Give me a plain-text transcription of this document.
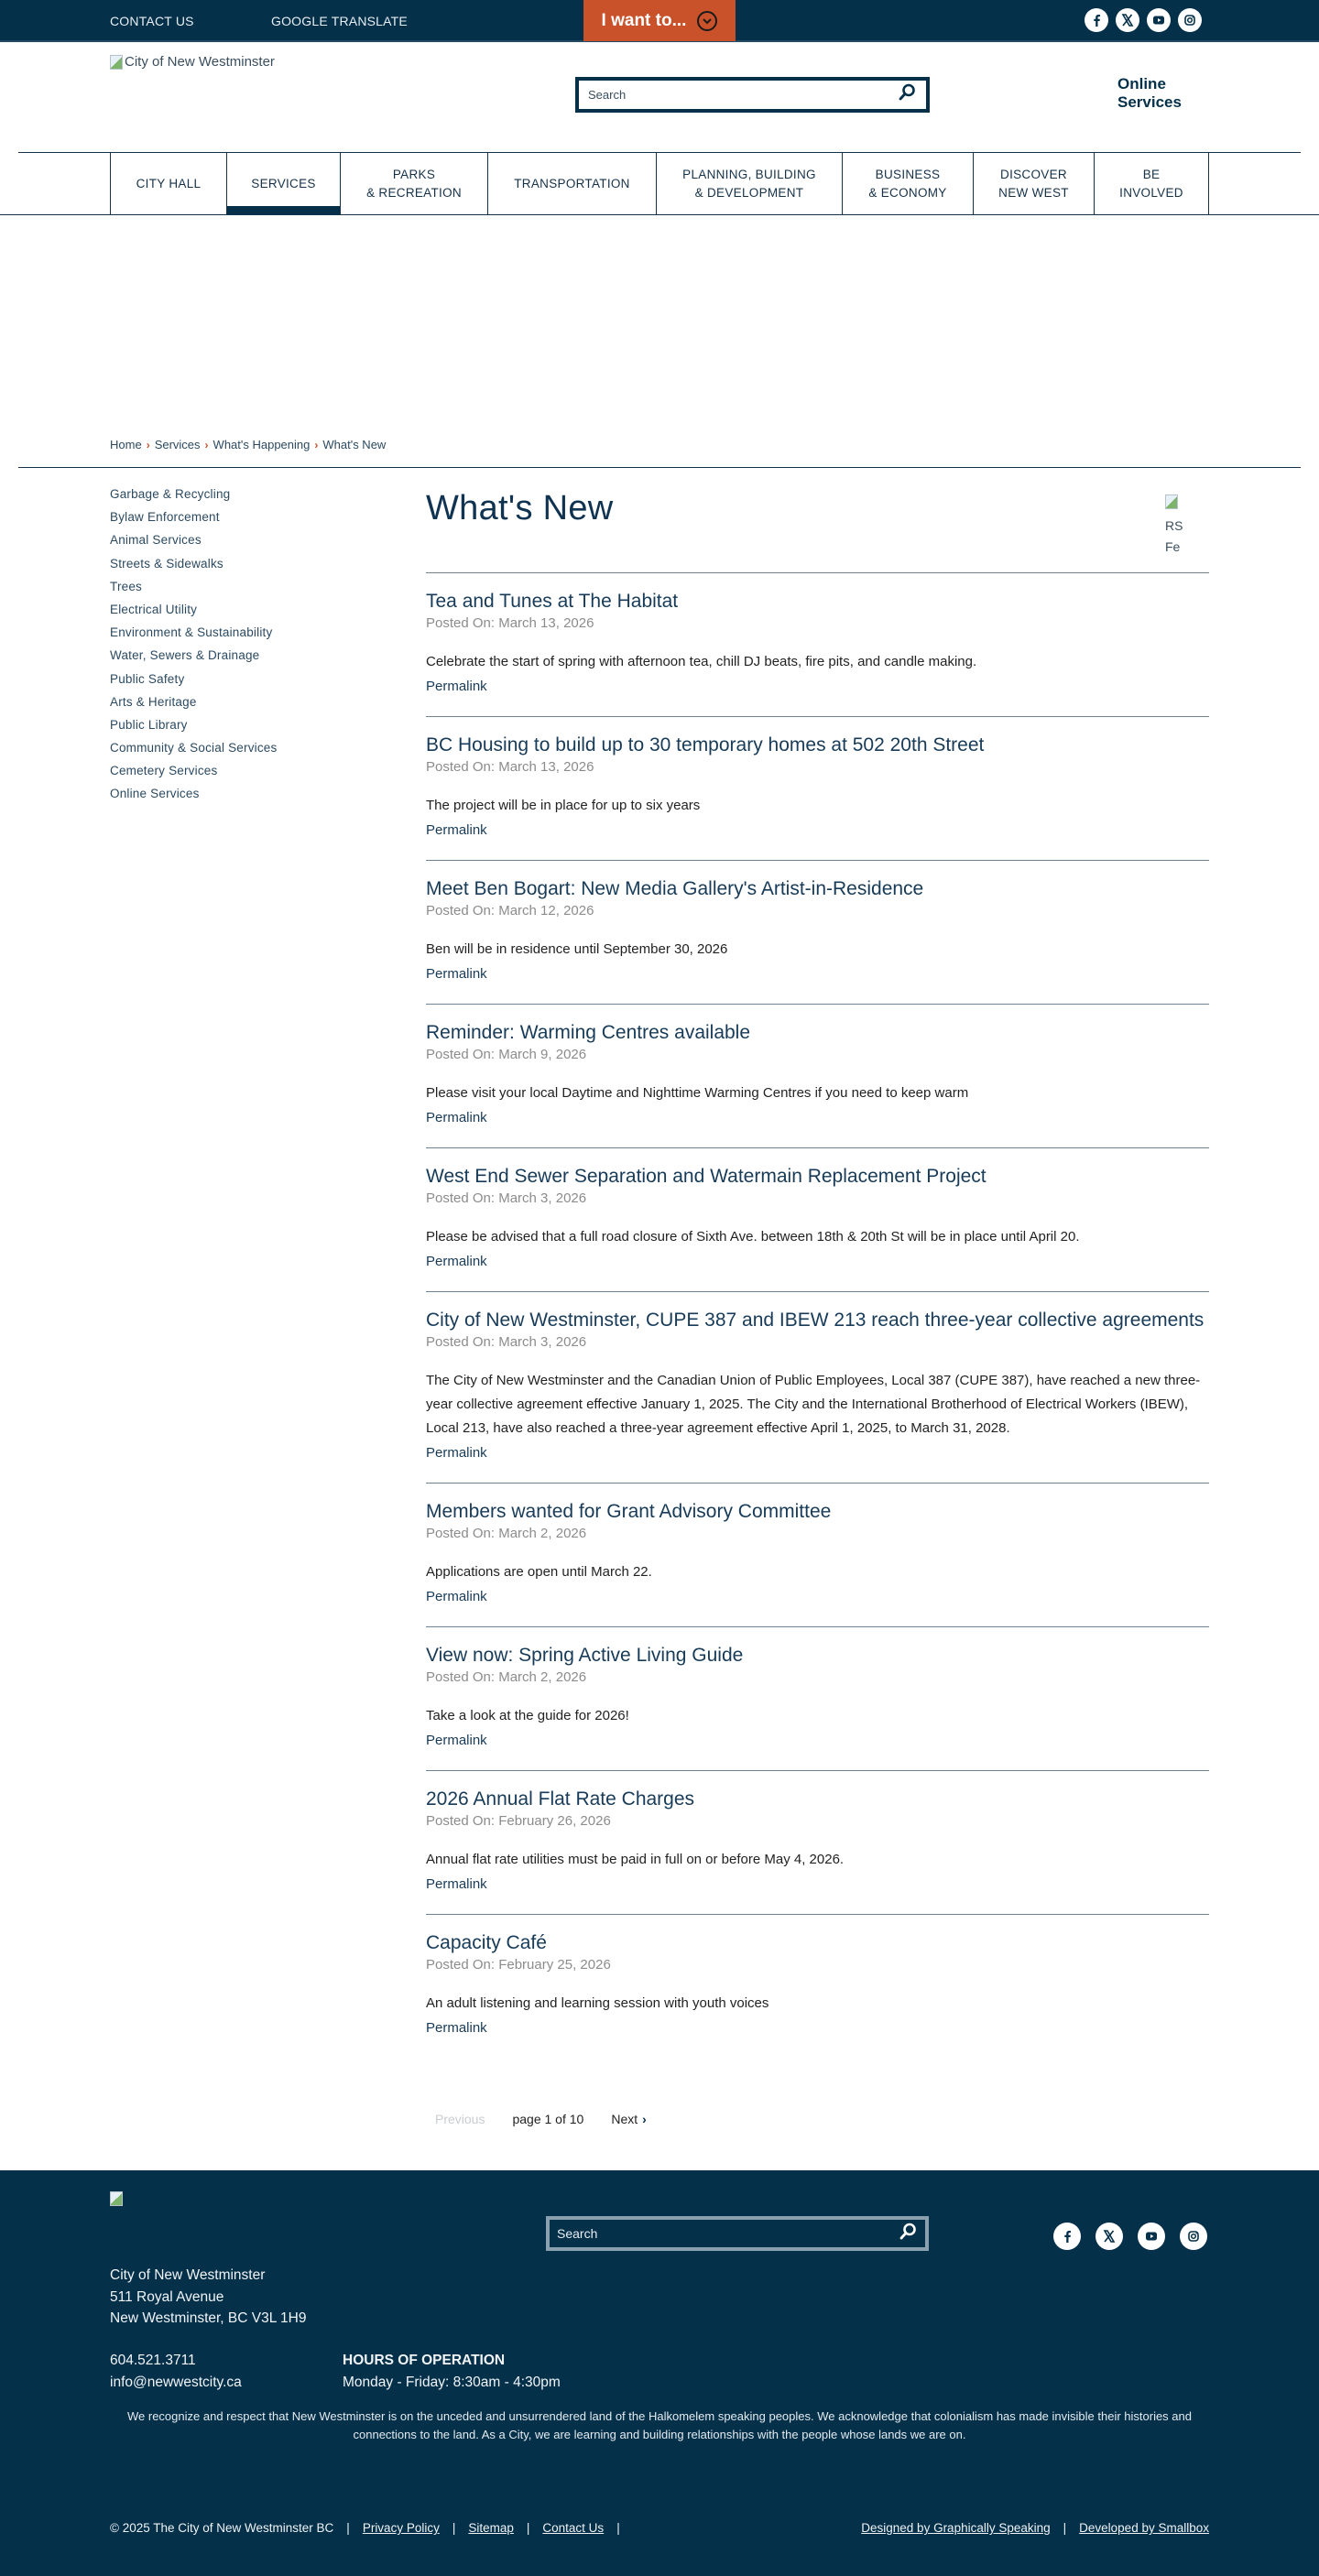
CONTACT US	GOOGLE TRANSLATE	I want to...
City of New Westminster
Search
Online
Services
CITY HALL	SERVICES
PARKS
& RECREATION
TRANSPORTATION
PLANNING, BUILDING
& DEVELOPMENT
BUSINESS
& ECONOMY
DISCOVER
NEW WEST
BE
INVOLVED
Home › Services › What's Happening › What's New
Garbage & Recycling
Bylaw Enforcement
Animal Services
Streets & Sidewalks
Trees
Electrical Utility
Environment & Sustainability
Water, Sewers & Drainage
Public Safety
Arts & Heritage
Public Library
Community & Social Services
Cemetery Services
Online Services
What's New	RS
Fe
Tea and Tunes at The Habitat
Posted On: March 13, 2026
Celebrate the start of spring with afternoon tea, chill DJ beats, fire pits, and candle making.
Permalink
BC Housing to build up to 30 temporary homes at 502 20th Street
Posted On: March 13, 2026
The project will be in place for up to six years
Permalink
Meet Ben Bogart: New Media Gallery's Artist-in-Residence
Posted On: March 12, 2026
Ben will be in residence until September 30, 2026
Permalink
Reminder: Warming Centres available
Posted On: March 9, 2026
Please visit your local Daytime and Nighttime Warming Centres if you need to keep warm
Permalink
West End Sewer Separation and Watermain Replacement Project
Posted On: March 3, 2026
Please be advised that a full road closure of Sixth Ave. between 18th & 20th St will be in place until April 20.
Permalink
City of New Westminster, CUPE 387 and IBEW 213 reach three-year collective agreements
Posted On: March 3, 2026
The City of New Westminster and the Canadian Union of Public Employees, Local 387 (CUPE 387), have reached a new three-year collective agreement effective January 1, 2025. The City and the International Brotherhood of Electrical Workers (IBEW), Local 213, have also reached a three-year agreement effective April 1, 2025, to March 31, 2028.
Permalink
Members wanted for Grant Advisory Committee
Posted On: March 2, 2026
Applications are open until March 22.
Permalink
View now: Spring Active Living Guide
Posted On: March 2, 2026
Take a look at the guide for 2026!
Permalink
2026 Annual Flat Rate Charges
Posted On: February 26, 2026
Annual flat rate utilities must be paid in full on or before May 4, 2026.
Permalink
Capacity Café
Posted On: February 25, 2026
An adult listening and learning session with youth voices
Permalink
Previous page 1 of 10 Next ›
Search
City of New Westminster
511 Royal Avenue
New Westminster, BC V3L 1H9
604.521.3711
info@newwestcity.ca
HOURS OF OPERATION
Monday - Friday: 8:30am - 4:30pm

We recognize and respect that New Westminster is on the unceded and unsurrendered land of the Halkomelem speaking peoples. We acknowledge that colonialism has made invisible their histories and connections to the land. As a City, we are learning and building relationships with the people whose lands we are on.

© 2025 The City of New Westminster BC | Privacy Policy | Sitemap | Contact Us |	Designed by Graphically Speaking | Developed by Smallbox
